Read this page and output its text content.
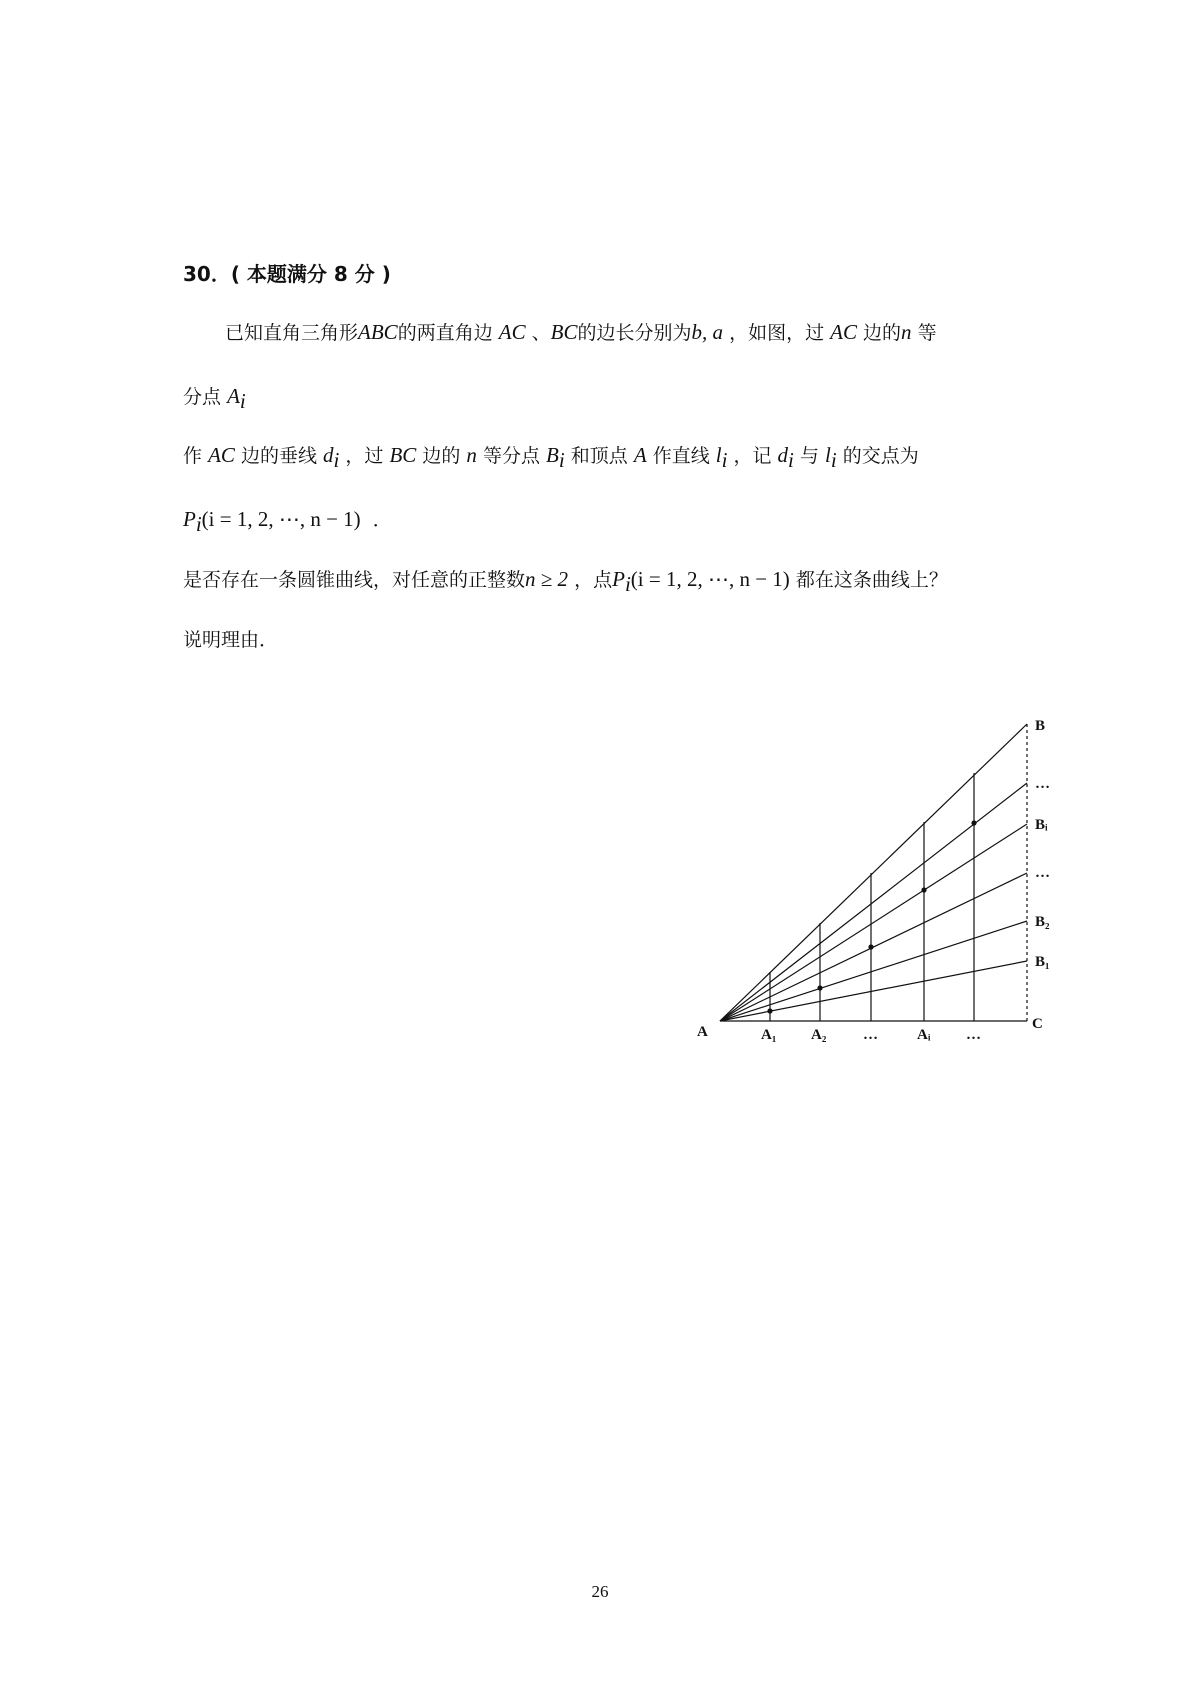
30．( 本题满分 8 分 )
已知直角三角形ABC的两直角边 AC 、BC的边长分别为b, a ，如图，过 AC 边的n 等
分点 $A_i$
作 AC 边的垂线 $d_i$ ，过 BC 边的 n 等分点 $B_i$ 和顶点 A 作直线 $l_i$ ，记 $d_i$ 与 $l_i$ 的交点为
$P_i(i = 1$, 2, ⋯, n − 1) ．
是否存在一条圆锥曲线，对任意的正整数n ≥ 2 ，点$P_i(i = 1$, 2, ⋯, n − 1) 都在这条曲线上？
说明理由．
A	C
B
A₁ A₂ …	Aᵢ …
B₁
B₂
…
Bᵢ
…
26
